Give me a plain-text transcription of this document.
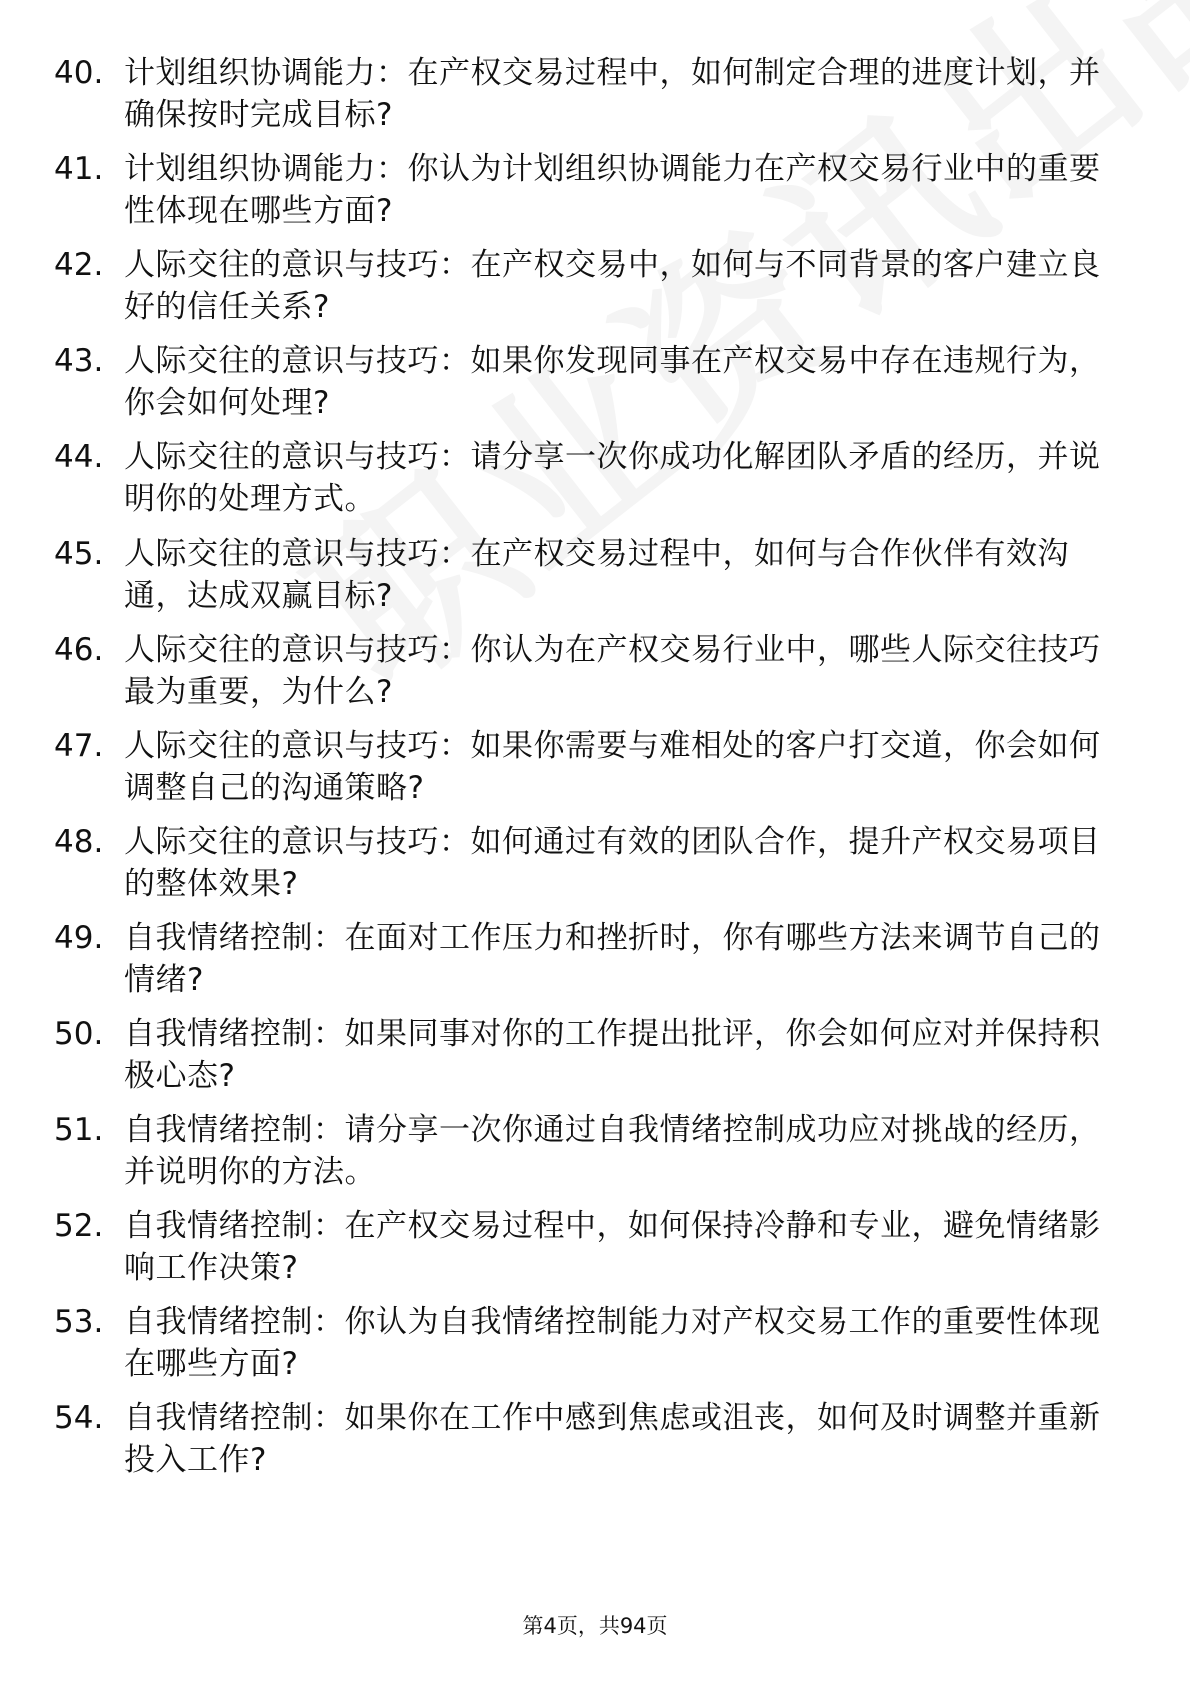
40. 计划组织协调能力：在产权交易过程中，如何制定合理的进度计划，并确保按时完成目标?
41. 计划组织协调能力：你认为计划组织协调能力在产权交易行业中的重要性体现在哪些方面?
42. 人际交往的意识与技巧：在产权交易中，如何与不同背景的客户建立良好的信任关系?
43. 人际交往的意识与技巧：如果你发现同事在产权交易中存在违规行为，你会如何处理?
44. 人际交往的意识与技巧：请分享一次你成功化解团队矛盾的经历，并说明你的处理方式。
45. 人际交往的意识与技巧：在产权交易过程中，如何与合作伙伴有效沟通，达成双赢目标?
46. 人际交往的意识与技巧：你认为在产权交易行业中，哪些人际交往技巧最为重要，为什么?
47. 人际交往的意识与技巧：如果你需要与难相处的客户打交道，你会如何调整自己的沟通策略?
48. 人际交往的意识与技巧：如何通过有效的团队合作，提升产权交易项目的整体效果?
49. 自我情绪控制：在面对工作压力和挫折时，你有哪些方法来调节自己的情绪?
50. 自我情绪控制：如果同事对你的工作提出批评，你会如何应对并保持积极心态?
51. 自我情绪控制：请分享一次你通过自我情绪控制成功应对挑战的经历，并说明你的方法。
52. 自我情绪控制：在产权交易过程中，如何保持冷静和专业，避免情绪影响工作决策?
53. 自我情绪控制：你认为自我情绪控制能力对产权交易工作的重要性体现在哪些方面?
54. 自我情绪控制：如果你在工作中感到焦虑或沮丧，如何及时调整并重新投入工作?
第4页，共94页
